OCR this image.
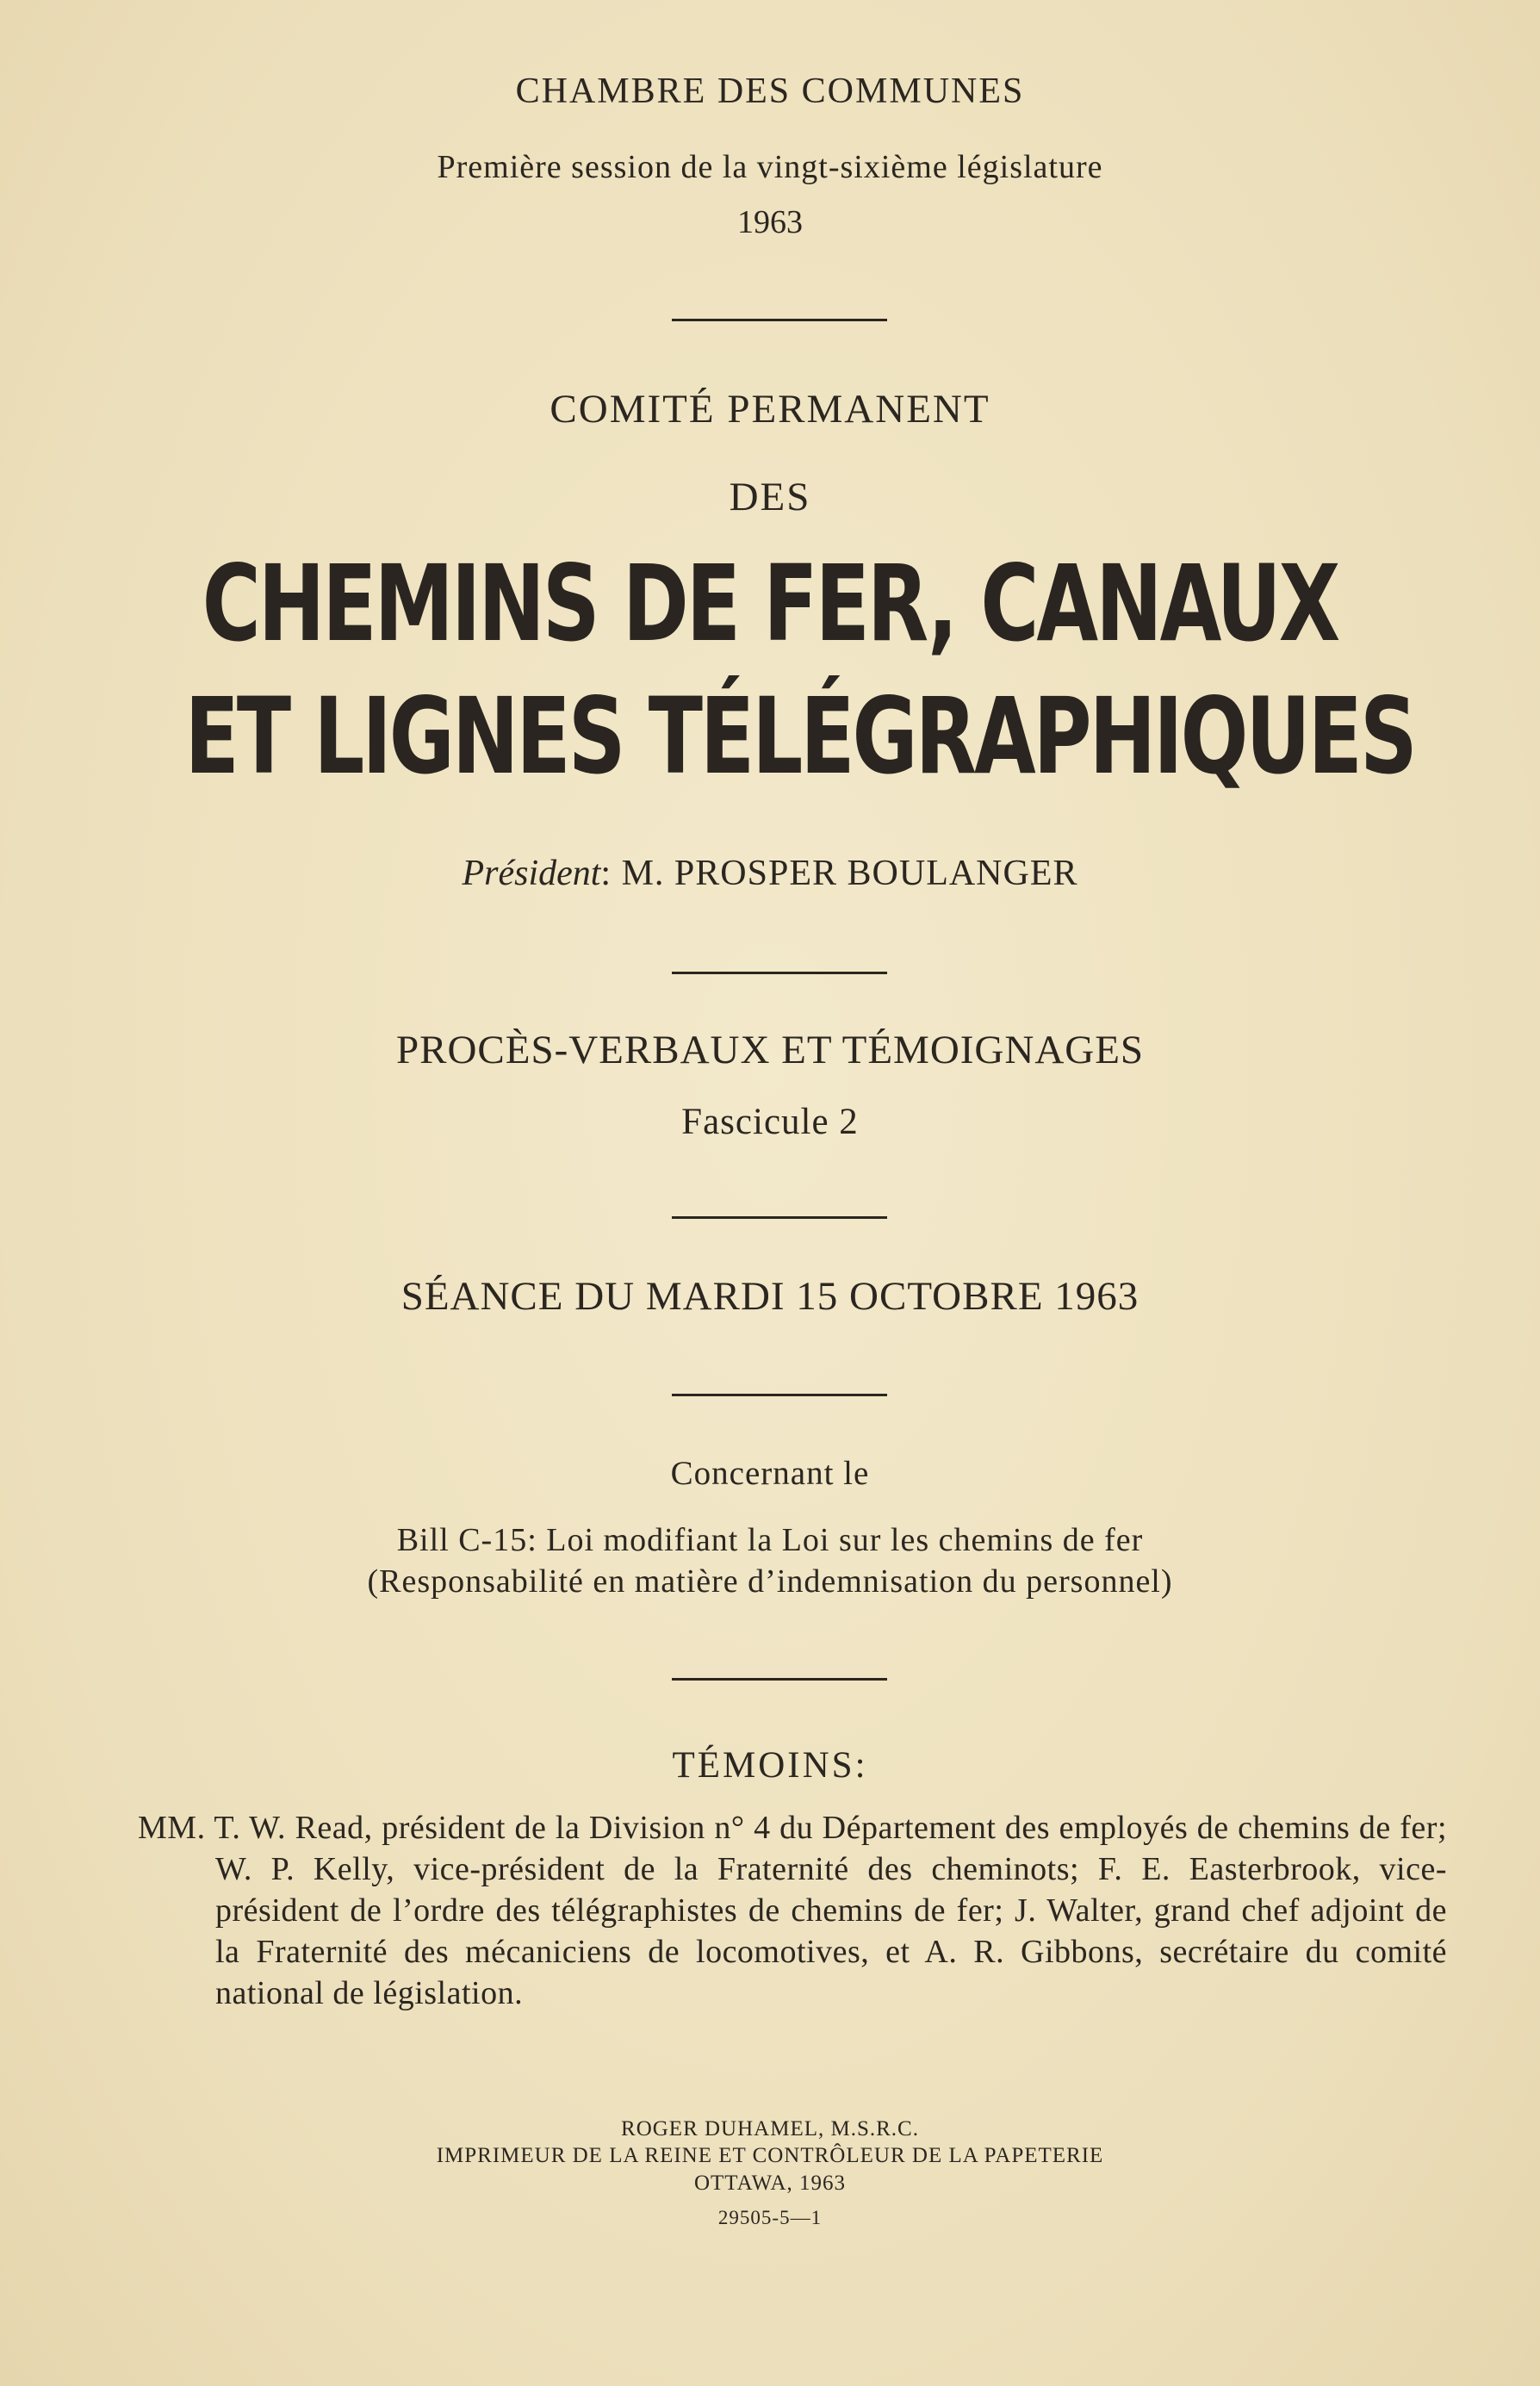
CHAMBRE DES COMMUNES
Première session de la vingt-sixième législature
1963
COMITÉ PERMANENT
DES
CHEMINS DE FER, CANAUX
ET LIGNES TÉLÉGRAPHIQUES
Président: M. PROSPER BOULANGER
PROCÈS-VERBAUX ET TÉMOIGNAGES
Fascicule 2
SÉANCE DU MARDI 15 OCTOBRE 1963
Concernant le
Bill C-15: Loi modifiant la Loi sur les chemins de fer
(Responsabilité en matière d’indemnisation du personnel)
TÉMOINS:

MM. T. W. Read, président de la Division n° 4 du Département des employés de chemins de fer; W. P. Kelly, vice-président de la Fraternité des cheminots; F. E. Easterbrook, vice-président de l’ordre des télégraphistes de chemins de fer; J. Walter, grand chef adjoint de la Fraternité des mécaniciens de locomotives, et A. R. Gibbons, secrétaire du comité national de législation.

ROGER DUHAMEL, M.S.R.C.
IMPRIMEUR DE LA REINE ET CONTRÔLEUR DE LA PAPETERIE
OTTAWA, 1963
29505-5—1
